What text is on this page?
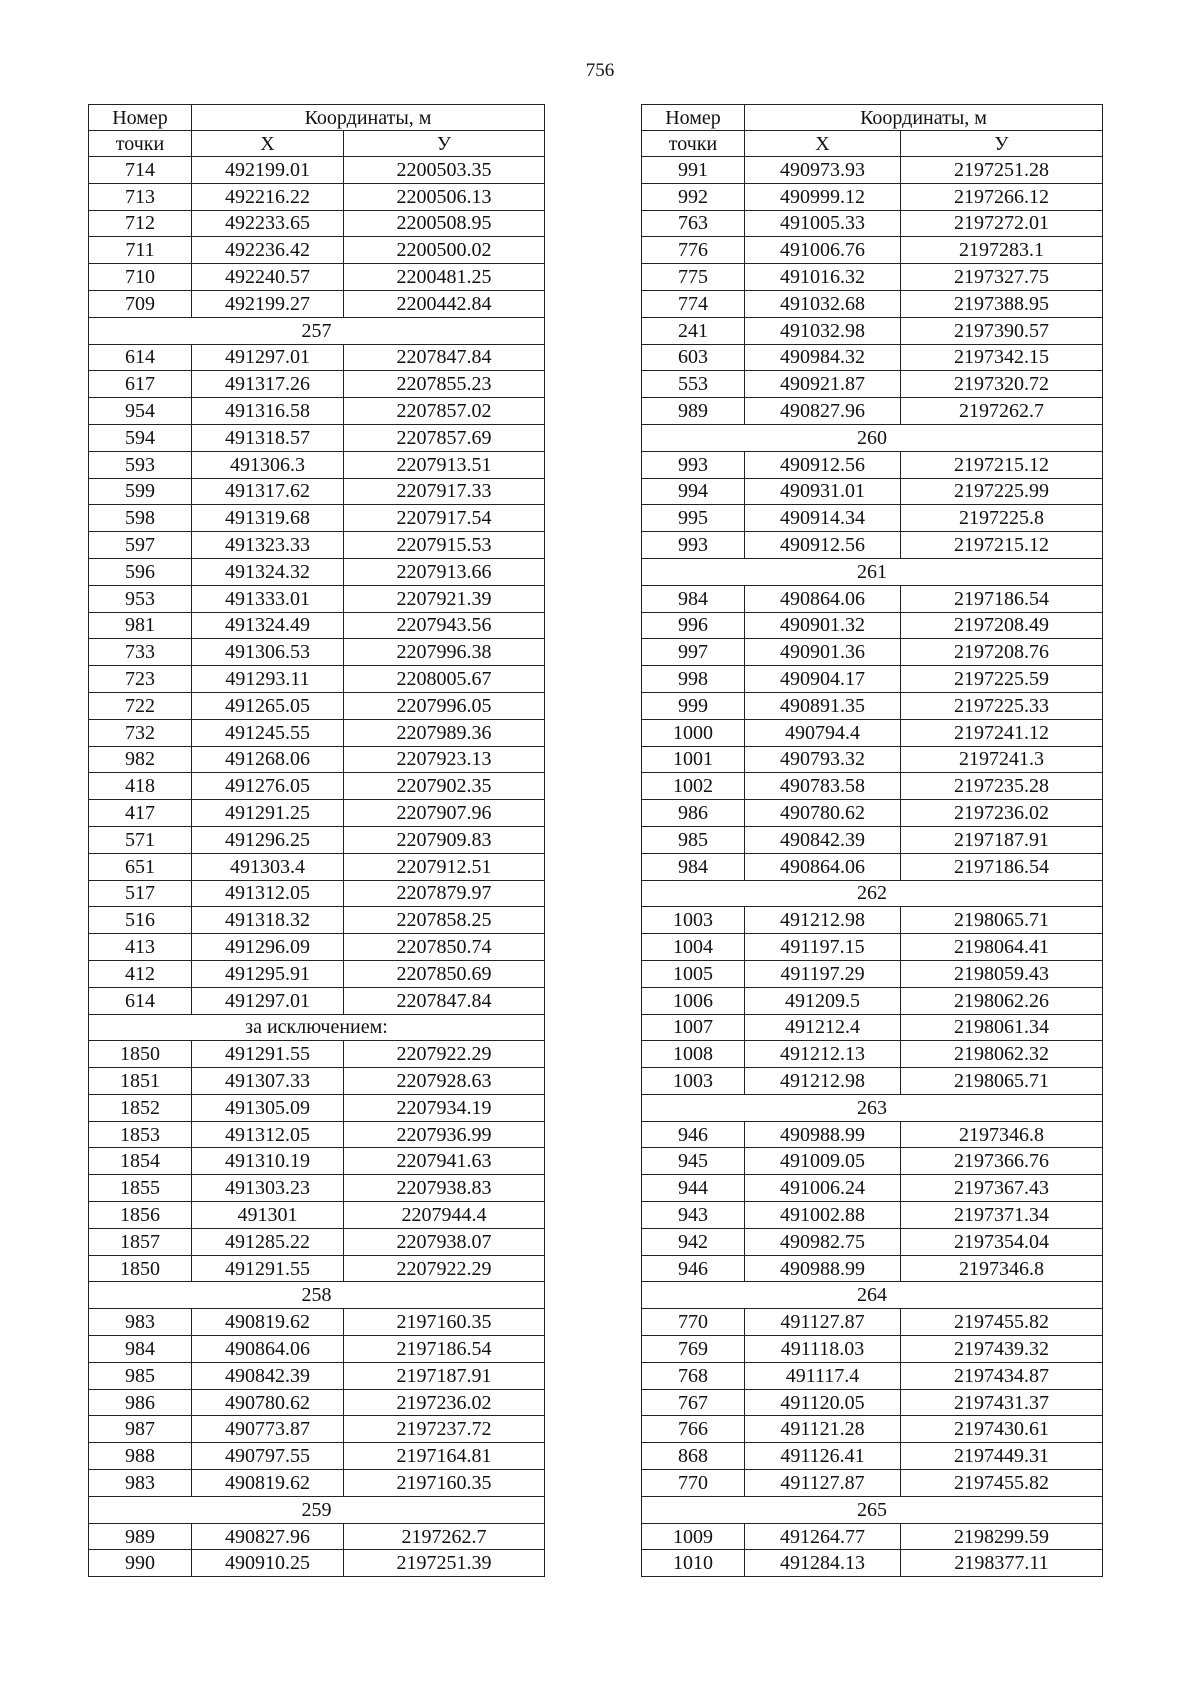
756
Номер	Координаты, м	
точки	X	У
714	492199.01	2200503.35
713	492216.22	2200506.13
712	492233.65	2200508.95
711	492236.42	2200500.02
710	492240.57	2200481.25
709	492199.27	2200442.84
257		
614	491297.01	2207847.84
617	491317.26	2207855.23
954	491316.58	2207857.02
594	491318.57	2207857.69
593	491306.3	2207913.51
599	491317.62	2207917.33
598	491319.68	2207917.54
597	491323.33	2207915.53
596	491324.32	2207913.66
953	491333.01	2207921.39
981	491324.49	2207943.56
733	491306.53	2207996.38
723	491293.11	2208005.67
722	491265.05	2207996.05
732	491245.55	2207989.36
982	491268.06	2207923.13
418	491276.05	2207902.35
417	491291.25	2207907.96
571	491296.25	2207909.83
651	491303.4	2207912.51
517	491312.05	2207879.97
516	491318.32	2207858.25
413	491296.09	2207850.74
412	491295.91	2207850.69
614	491297.01	2207847.84
за исключением:		
1850	491291.55	2207922.29
1851	491307.33	2207928.63
1852	491305.09	2207934.19
1853	491312.05	2207936.99
1854	491310.19	2207941.63
1855	491303.23	2207938.83
1856	491301	2207944.4
1857	491285.22	2207938.07
1850	491291.55	2207922.29
258		
983	490819.62	2197160.35
984	490864.06	2197186.54
985	490842.39	2197187.91
986	490780.62	2197236.02
987	490773.87	2197237.72
988	490797.55	2197164.81
983	490819.62	2197160.35
259		
989	490827.96	2197262.7
990	490910.25	2197251.39
Номер	Координаты, м	
точки	X	У
991	490973.93	2197251.28
992	490999.12	2197266.12
763	491005.33	2197272.01
776	491006.76	2197283.1
775	491016.32	2197327.75
774	491032.68	2197388.95
241	491032.98	2197390.57
603	490984.32	2197342.15
553	490921.87	2197320.72
989	490827.96	2197262.7
260		
993	490912.56	2197215.12
994	490931.01	2197225.99
995	490914.34	2197225.8
993	490912.56	2197215.12
261		
984	490864.06	2197186.54
996	490901.32	2197208.49
997	490901.36	2197208.76
998	490904.17	2197225.59
999	490891.35	2197225.33
1000	490794.4	2197241.12
1001	490793.32	2197241.3
1002	490783.58	2197235.28
986	490780.62	2197236.02
985	490842.39	2197187.91
984	490864.06	2197186.54
262		
1003	491212.98	2198065.71
1004	491197.15	2198064.41
1005	491197.29	2198059.43
1006	491209.5	2198062.26
1007	491212.4	2198061.34
1008	491212.13	2198062.32
1003	491212.98	2198065.71
263		
946	490988.99	2197346.8
945	491009.05	2197366.76
944	491006.24	2197367.43
943	491002.88	2197371.34
942	490982.75	2197354.04
946	490988.99	2197346.8
264		
770	491127.87	2197455.82
769	491118.03	2197439.32
768	491117.4	2197434.87
767	491120.05	2197431.37
766	491121.28	2197430.61
868	491126.41	2197449.31
770	491127.87	2197455.82
265		
1009	491264.77	2198299.59
1010	491284.13	2198377.11
